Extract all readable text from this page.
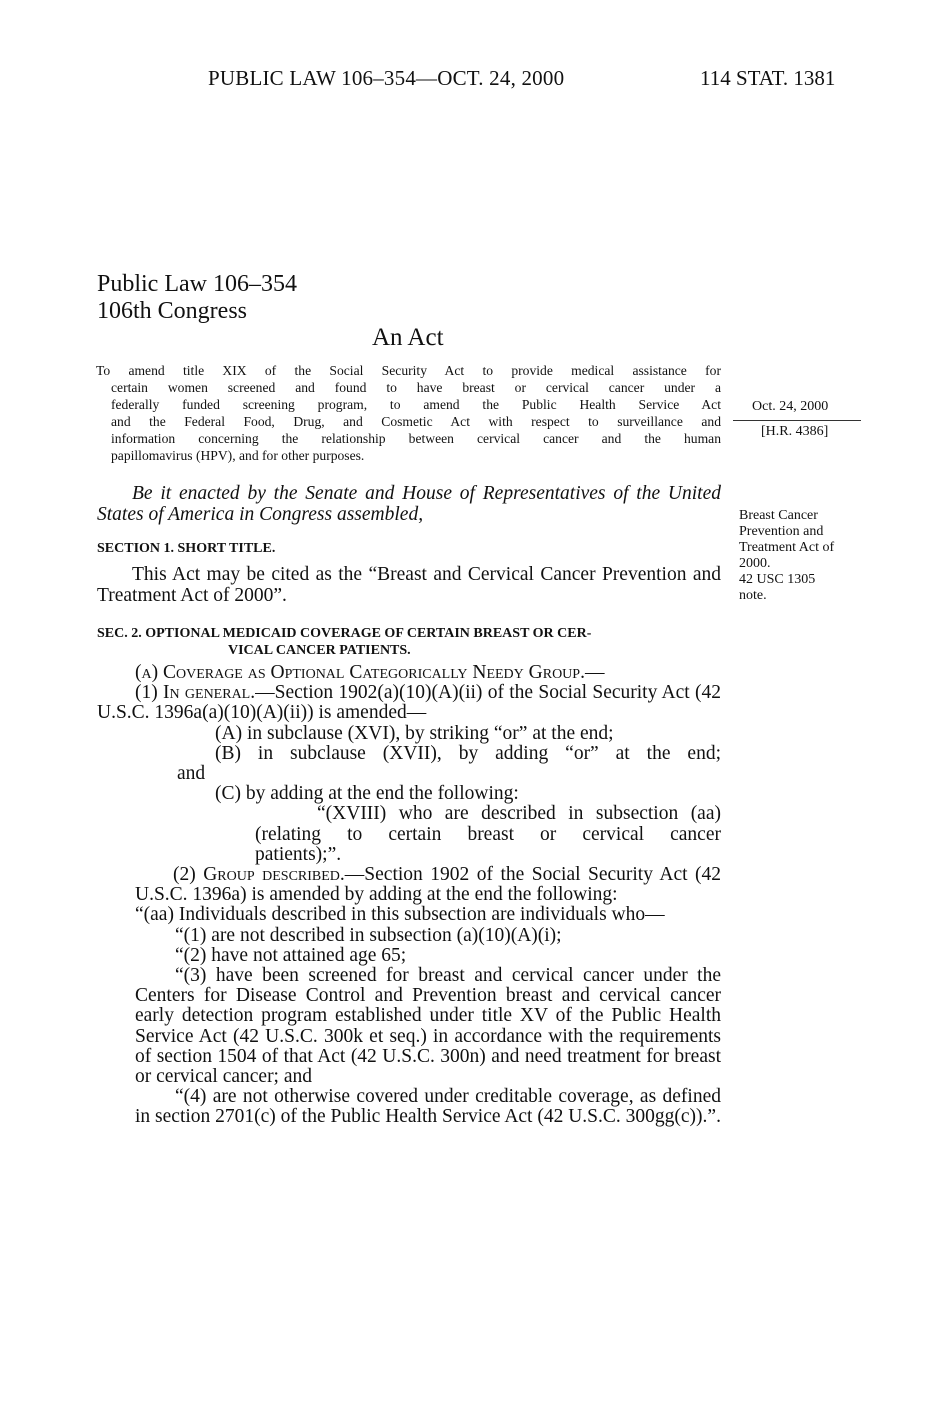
PUBLIC LAW 106–354—OCT. 24, 2000	114 STAT. 1381
Public Law 106–354
106th Congress
An Act
To amend title XIX of the Social Security Act to provide medical assistance for
certain women screened and found to have breast or cervical cancer under a
federally funded screening program, to amend the Public Health Service Act
and the Federal Food, Drug, and Cosmetic Act with respect to surveillance and
information concerning the relationship between cervical cancer and the human
papillomavirus (HPV), and for other purposes.
Oct. 24, 2000
[H.R. 4386]
Be it enacted by the Senate and House of Representatives of the United States of America in Congress assembled,	Breast Cancer
Prevention and
Treatment Act of
2000.
42 USC 1305
note.
SECTION 1. SHORT TITLE.
This Act may be cited as the “Breast and Cervical Cancer Prevention and Treatment Act of 2000”.
SEC. 2. OPTIONAL MEDICAID COVERAGE OF CERTAIN BREAST OR CER-
VICAL CANCER PATIENTS.
(a) Coverage as Optional Categorically Needy Group.—
(1) In general.—Section 1902(a)(10)(A)(ii) of the Social Security Act (42 U.S.C. 1396a(a)(10)(A)(ii)) is amended—
(A) in subclause (XVI), by striking “or” at the end;
(B) in subclause (XVII), by adding “or” at the end;
and
(C) by adding at the end the following:
“(XVIII) who are described in subsection (aa)
(relating to certain breast or cervical cancer
patients);”.
(2) Group described.—Section 1902 of the Social Security Act (42 U.S.C. 1396a) is amended by adding at the end the following:
“(aa) Individuals described in this subsection are individuals who—
“(1) are not described in subsection (a)(10)(A)(i);
“(2) have not attained age 65;
“(3) have been screened for breast and cervical cancer under the Centers for Disease Control and Prevention breast and cervical cancer early detection program established under title XV of the Public Health Service Act (42 U.S.C. 300k et seq.) in accordance with the requirements of section 1504 of that Act (42 U.S.C. 300n) and need treatment for breast or cervical cancer; and
“(4) are not otherwise covered under creditable coverage, as defined in section 2701(c) of the Public Health Service Act (42 U.S.C. 300gg(c)).”.
